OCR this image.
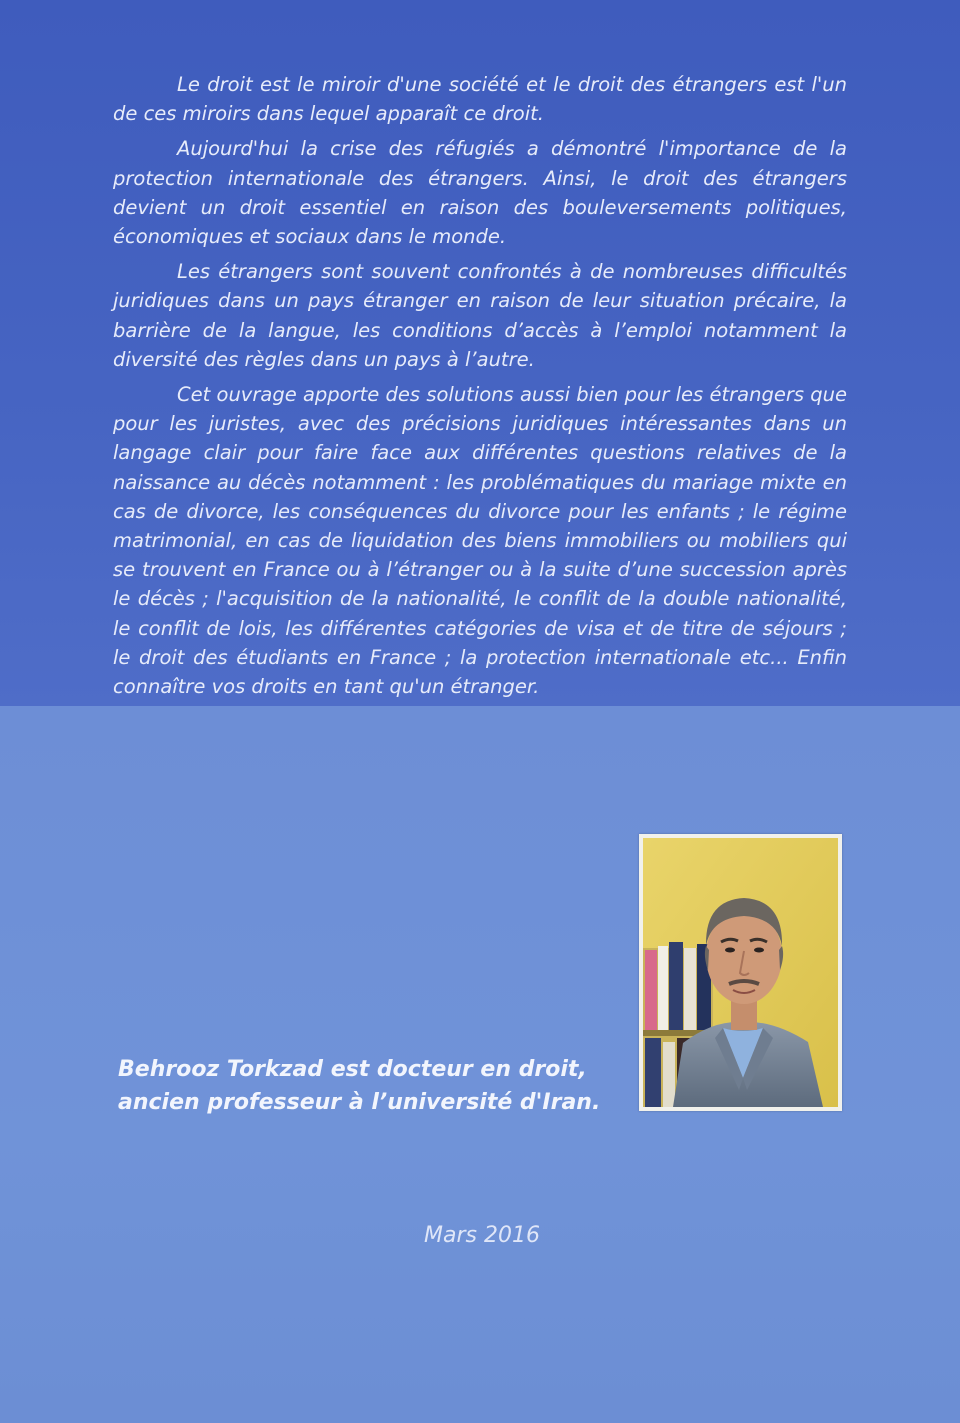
Le droit est le miroir d'une société et le droit des étrangers est l'un de ces miroirs dans lequel apparaît ce droit.

Aujourd'hui la crise des réfugiés a démontré l'importance de la protection internationale des étrangers. Ainsi, le droit des étrangers devient un droit essentiel en raison des bouleversements politiques, économiques et sociaux dans le monde.

Les étrangers sont souvent confrontés à de nombreuses difficultés juridiques dans un pays étranger en raison de leur situation précaire, la barrière de la langue, les conditions d’accès à l’emploi notamment la diversité des règles dans un pays à l’autre.

Cet ouvrage apporte des solutions aussi bien pour les étrangers que pour les juristes, avec des précisions juridiques intéressantes dans un langage clair pour faire face aux différentes questions relatives de la naissance au décès notamment : les problématiques du mariage mixte en cas de divorce, les conséquences du divorce pour les enfants ; le régime matrimonial, en cas de liquidation des biens immobiliers ou mobiliers qui se trouvent en France ou à l’étranger ou à la suite d’une succession après le décès ; l'acquisition de la nationalité, le conflit de la double nationalité, le conflit de lois, les différentes catégories de visa et de titre de séjours ; le droit des étudiants en France ; la protection internationale etc... Enfin connaître vos droits en tant qu'un étranger.

Behrooz Torkzad est docteur en droit,
ancien professeur à l’université d'Iran.
Mars 2016
